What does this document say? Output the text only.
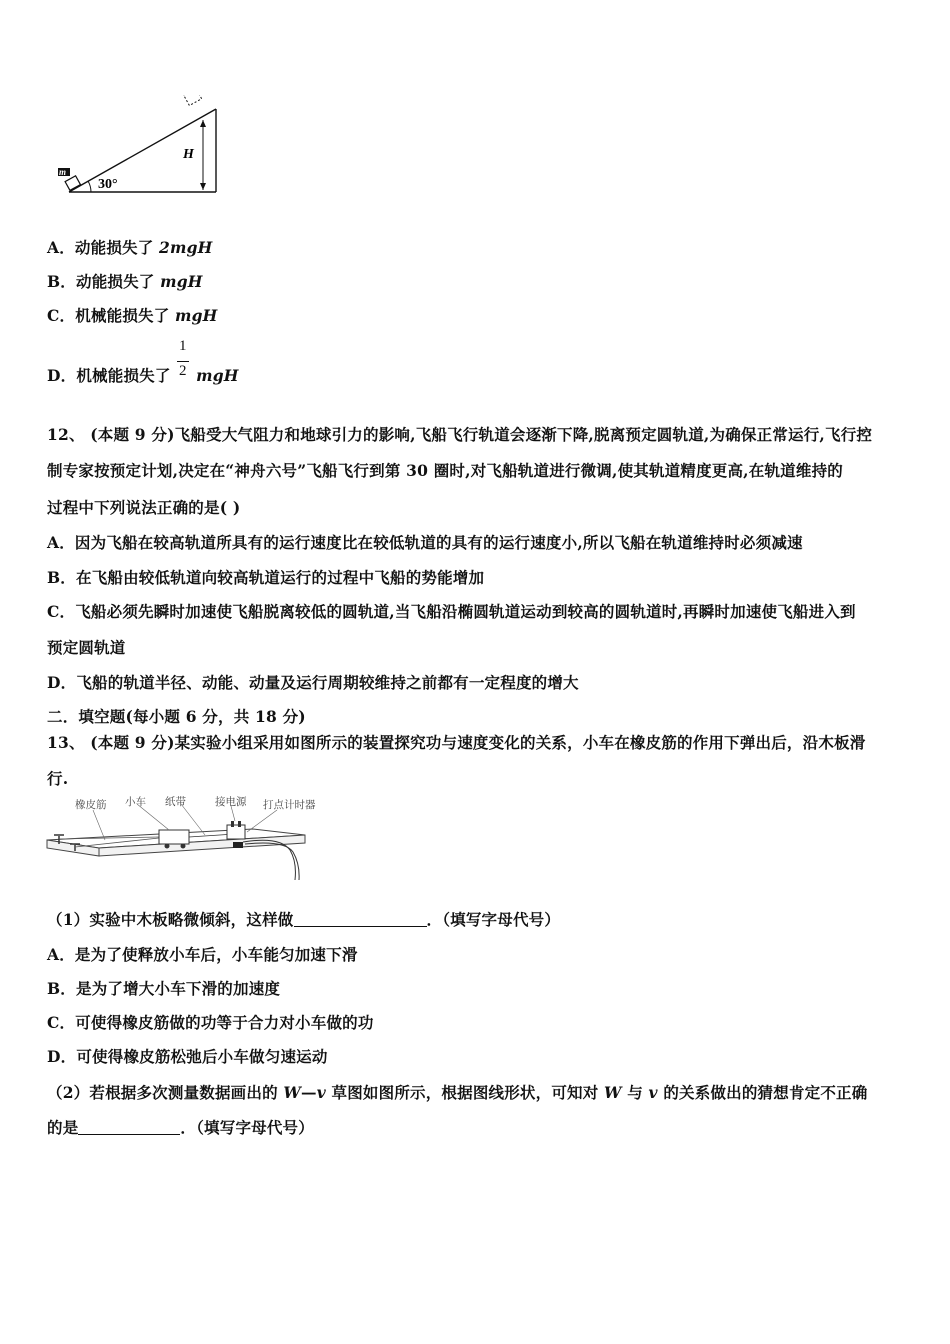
m
30°
H
A．动能损失了 2mgH
B．动能损失了 mgH
C．机械能损失了 mgH
D．机械能损失了 mgH
1
2
12、 (本题 9 分)飞船受大气阻力和地球引力的影响,飞船飞行轨道会逐渐下降,脱离预定圆轨道,为确保正常运行,飞行控
制专家按预定计划,决定在“神舟六号”飞船飞行到第 30 圈时,对飞船轨道进行微调,使其轨道精度更高,在轨道维持的
过程中下列说法正确的是( )
A．因为飞船在较高轨道所具有的运行速度比在较低轨道的具有的运行速度小,所以飞船在轨道维持时必须减速
B．在飞船由较低轨道向较高轨道运行的过程中飞船的势能增加
C．飞船必须先瞬时加速使飞船脱离较低的圆轨道,当飞船沿椭圆轨道运动到较高的圆轨道时,再瞬时加速使飞船进入到
预定圆轨道
D．飞船的轨道半径、动能、动量及运行周期较维持之前都有一定程度的增大
二．填空题(每小题 6 分，共 18 分)
13、 (本题 9 分)某实验小组采用如图所示的装置探究功与速度变化的关系，小车在橡皮筋的作用下弹出后，沿木板滑
行.
橡皮筋 小车 纸带	接电源 打点计时器
（1）实验中木板略微倾斜，这样做	．（填写字母代号）
A．是为了使释放小车后，小车能匀加速下滑
B．是为了增大小车下滑的加速度
C．可使得橡皮筋做的功等于合力对小车做的功
D．可使得橡皮筋松弛后小车做匀速运动
（2）若根据多次测量数据画出的 W—v 草图如图所示，根据图线形状，可知对 W 与 v 的关系做出的猜想肯定不正确
的是	．（填写字母代号）
